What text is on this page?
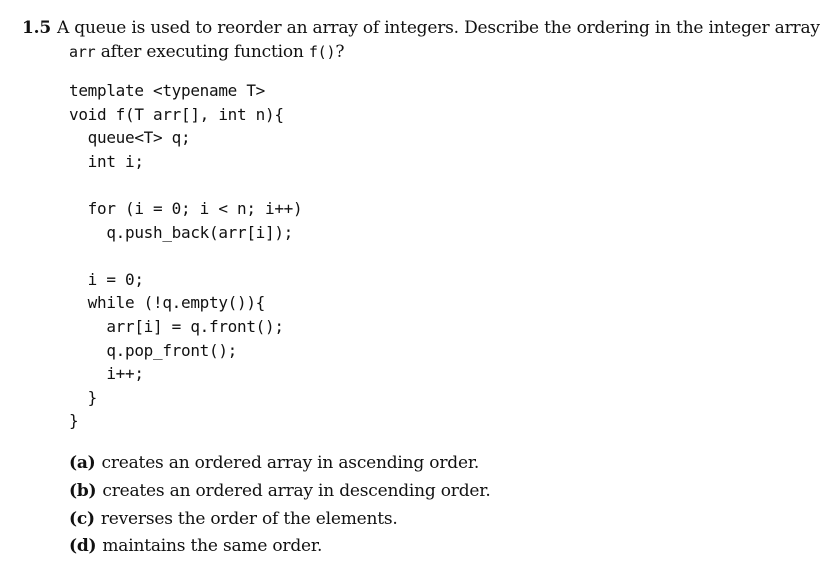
1.5 A queue is used to reorder an array of integers. Describe the ordering in the integer array
arr after executing function f()?
template <typename T>
void f(T arr[], int n){
queue<T> q;
int i;
for (i = 0; i < n; i++)
q.push_back(arr[i]);
i = 0;
while (!q.empty()){
arr[i] = q.front();
q.pop_front();
i++;
}
}
(a) creates an ordered array in ascending order.
(b) creates an ordered array in descending order.
(c) reverses the order of the elements.
(d) maintains the same order.
